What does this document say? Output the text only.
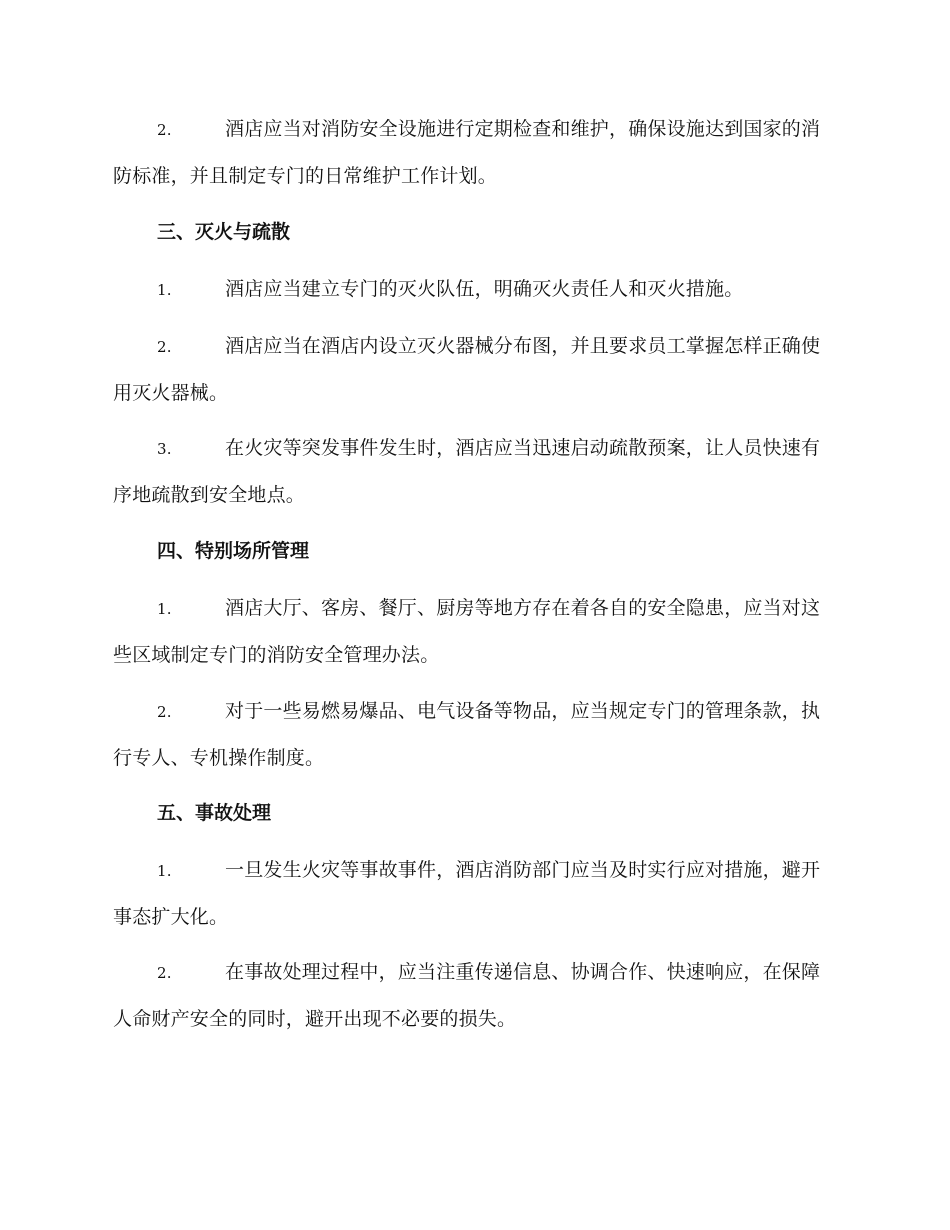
2.	酒店应当对消防安全设施进行定期检查和维护，确保设施达到国家的消防标准，并且制定专门的日常维护工作计划。
三、灭火与疏散
1.	酒店应当建立专门的灭火队伍，明确灭火责任人和灭火措施。
2.	酒店应当在酒店内设立灭火器械分布图，并且要求员工掌握怎样正确使用灭火器械。
3.	在火灾等突发事件发生时，酒店应当迅速启动疏散预案，让人员快速有序地疏散到安全地点。
四、特别场所管理
1.	酒店大厅、客房、餐厅、厨房等地方存在着各自的安全隐患，应当对这些区域制定专门的消防安全管理办法。
2.	对于一些易燃易爆品、电气设备等物品，应当规定专门的管理条款，执行专人、专机操作制度。
五、事故处理
1.	一旦发生火灾等事故事件，酒店消防部门应当及时实行应对措施，避开事态扩大化。
2.	在事故处理过程中，应当注重传递信息、协调合作、快速响应，在保障人命财产安全的同时，避开出现不必要的损失。
